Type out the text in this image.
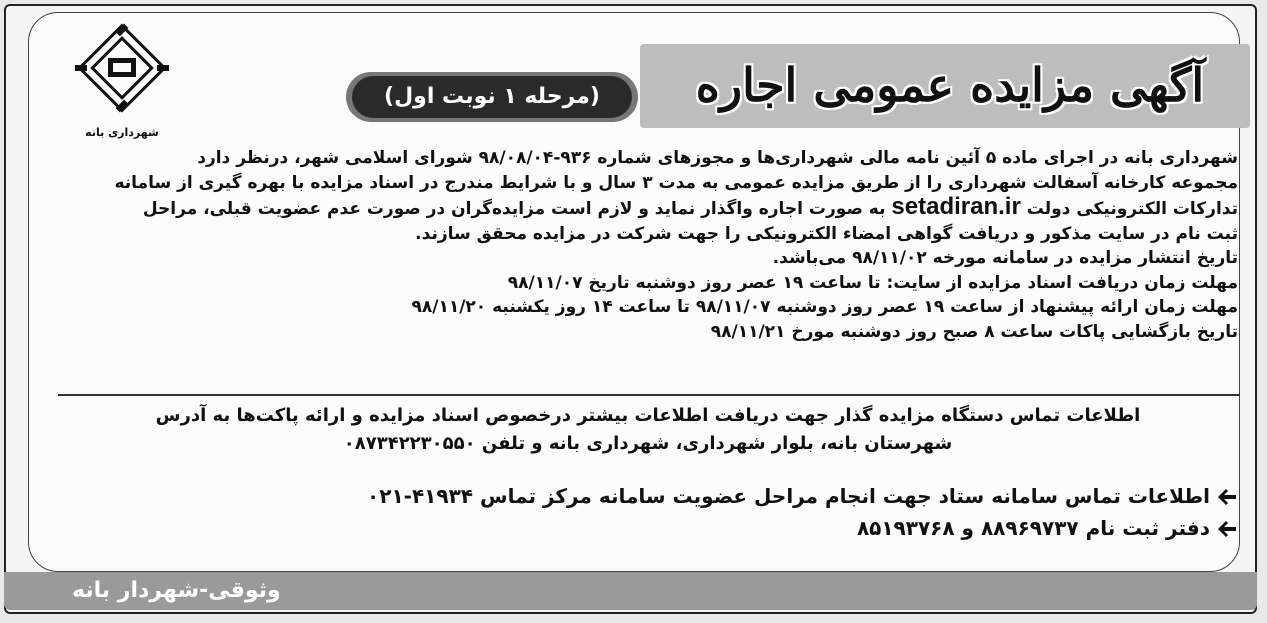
شهرداری بانه
آگهی مزایده عمومی اجاره
(مرحله ۱ نوبت اول)

شهرداری بانه در اجرای ماده ۵ آئین نامه مالی شهرداری‌ها و مجوزهای شماره ۹۳۶-۹۸/۰۸/۰۴ شورای اسلامی شهر، درنظر دارد

مجموعه کارخانه آسفالت شهرداری را از طریق مزایده عمومی به مدت ۳ سال و با شرایط مندرج در اسناد مزایده با بهره گیری از سامانه

تدارکات الکترونیکی دولت setadiran.ir به صورت اجاره واگذار نماید و لازم است مزایده‌گران در صورت عدم عضویت قبلی، مراحل

ثبت نام در سایت مذکور و دریافت گواهی امضاء الکترونیکی را جهت شرکت در مزایده محقق سازند.

تاریخ انتشار مزایده در سامانه مورخه ۹۸/۱۱/۰۲ می‌باشد.

مهلت زمان دریافت اسناد مزایده از سایت: تا ساعت ۱۹ عصر روز دوشنبه تاریخ ۹۸/۱۱/۰۷

مهلت زمان ارائه پیشنهاد از ساعت ۱۹ عصر روز دوشنبه ۹۸/۱۱/۰۷ تا ساعت ۱۴ روز یکشنبه ۹۸/۱۱/۲۰

تاریخ بازگشایی پاکات ساعت ۸ صبح روز دوشنبه مورخ ۹۸/۱۱/۲۱

اطلاعات تماس دستگاه مزایده گذار جهت دریافت اطلاعات بیشتر درخصوص اسناد مزایده و ارائه پاکت‌ها به آدرس

شهرستان بانه، بلوار شهرداری، شهرداری بانه و تلفن ۰۸۷۳۴۲۲۳۰۵۵۰

اطلاعات تماس سامانه ستاد جهت انجام مراحل عضویت سامانه مرکز تماس ۴۱۹۳۴-۰۲۱
دفتر ثبت نام ۸۸۹۶۹۷۳۷ و ۸۵۱۹۳۷۶۸
وثوقی-شهردار بانه
